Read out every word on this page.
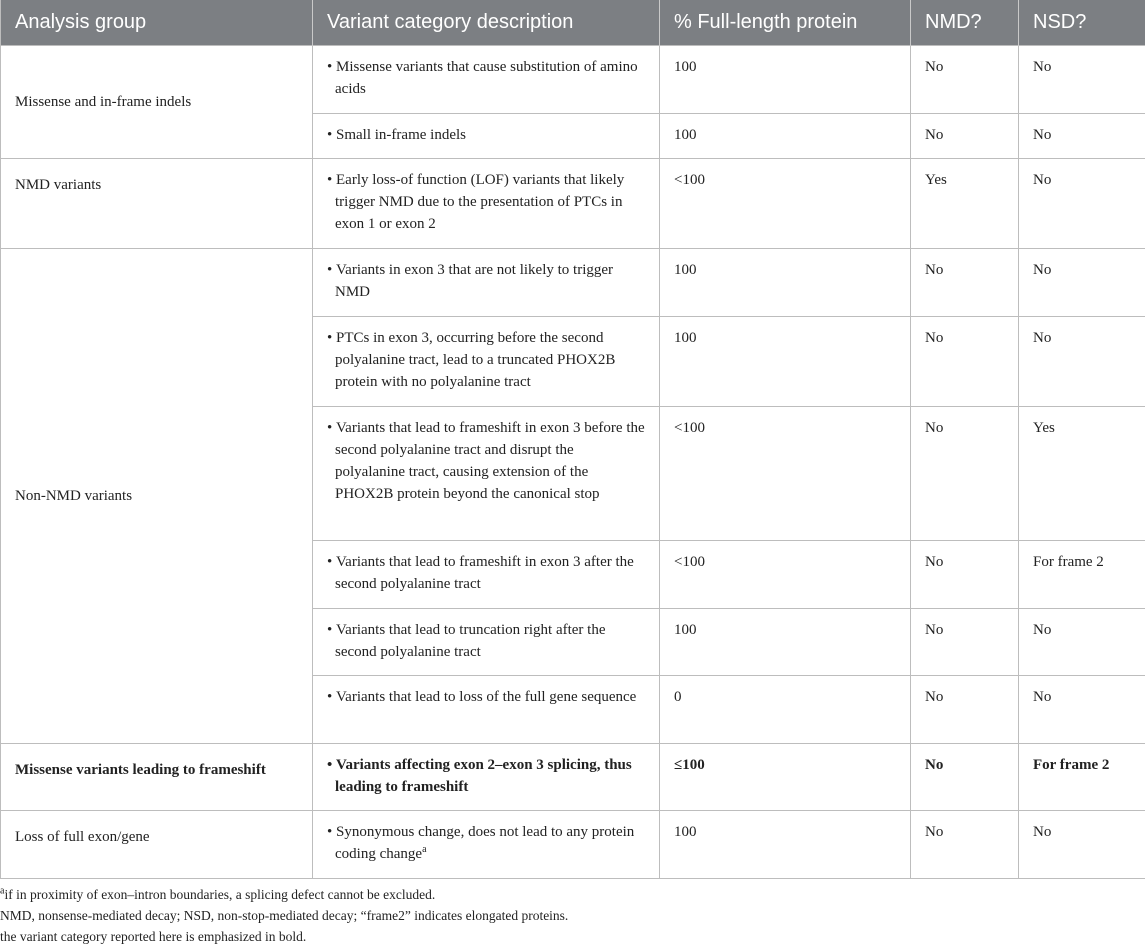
Analysis group	Variant category description	% Full-length protein	NMD?	NSD?
Missense and in-frame indels	• Missense variants that cause substitution of amino acids	100	No	No

	• Small in-frame indels	100	No	No
NMD variants	• Early loss-of function (LOF) variants that likely trigger NMD due to the presentation of PTCs in exon 1 or exon 2	<100	Yes	No
Non-NMD variants	• Variants in exon 3 that are not likely to trigger NMD	100	No	No

	• PTCs in exon 3, occurring before the second polyalanine tract, lead to a truncated PHOX2B protein with no polyalanine tract	100	No	No

	• Variants that lead to frameshift in exon 3 before the second polyalanine tract and disrupt the polyalanine tract, causing extension of the PHOX2B protein beyond the canonical stop	<100	No	Yes

	• Variants that lead to frameshift in exon 3 after the second polyalanine tract	<100	No	For frame 2

	• Variants that lead to truncation right after the second polyalanine tract	100	No	No

	• Variants that lead to loss of the full gene sequence	0	No	No
Missense variants leading to frameshift	• Variants affecting exon 2–exon 3 splicing, thus leading to frameshift	≤100	No	For frame 2
Loss of full exon/gene	• Synonymous change, does not lead to any protein coding change$^a$	100	No	No
$^a$if in proximity of exon–intron boundaries, a splicing defect cannot be excluded.
NMD, nonsense-mediated decay; NSD, non-stop-mediated decay; “frame2” indicates elongated proteins.
the variant category reported here is emphasized in bold.
